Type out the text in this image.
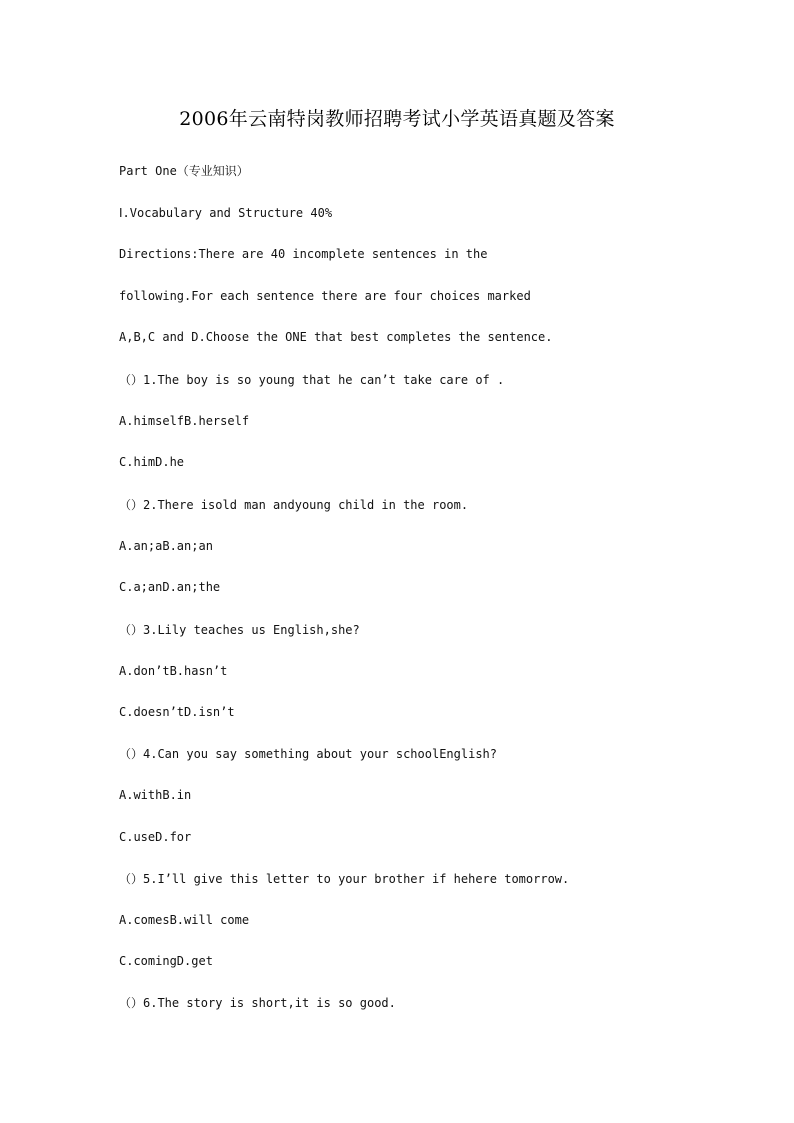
2006年云南特岗教师招聘考试小学英语真题及答案
Part One（专业知识）
Ⅰ.Vocabulary and Structure 40%
Directions:There are 40 incomplete sentences in the
following.For each sentence there are four choices marked
A,B,C and D.Choose the ONE that best completes the sentence.
（）1.The boy is so young that he can’t take care of .
A.himselfB.herself
C.himD.he
（）2.There isold man andyoung child in the room.
A.an;aB.an;an
C.a;anD.an;the
（）3.Lily teaches us English,she?
A.don’tB.hasn’t
C.doesn’tD.isn’t
（）4.Can you say something about your schoolEnglish?
A.withB.in
C.useD.for
（）5.I’ll give this letter to your brother if hehere tomorrow.
A.comesB.will come
C.comingD.get
（）6.The story is short,it is so good.
